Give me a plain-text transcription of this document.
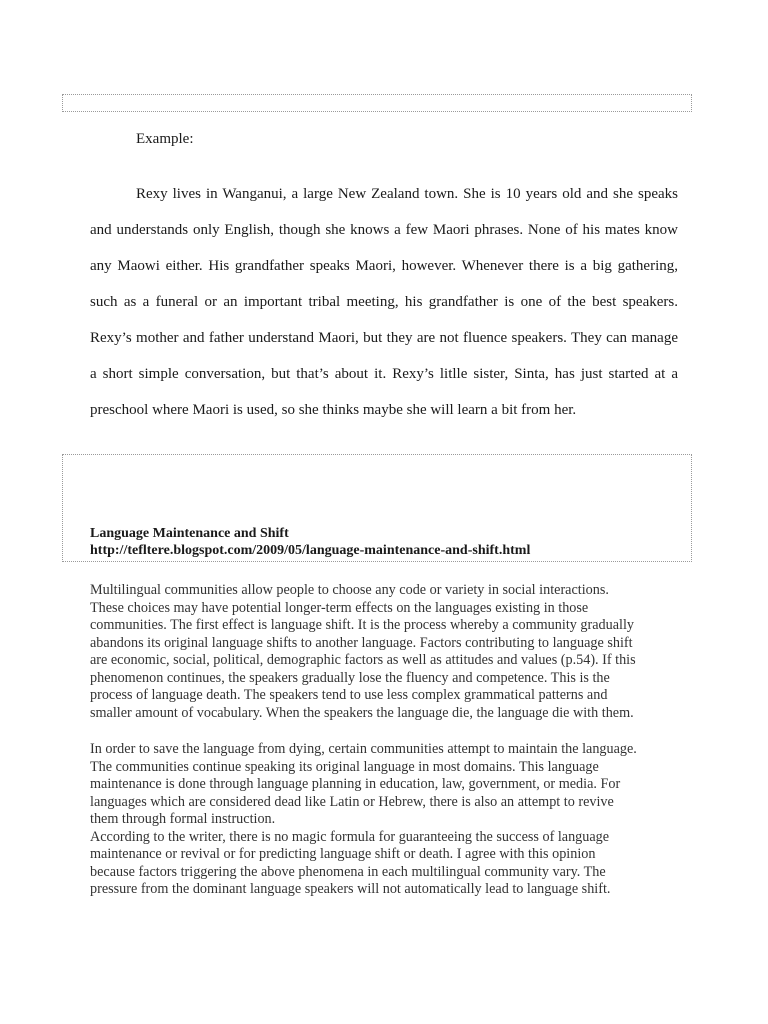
Example:
Rexy lives in Wanganui, a large New Zealand town. She is 10 years old and she speaks
and understands only English, though she knows a few Maori phrases. None of his mates know
any Maowi either. His grandfather speaks Maori, however. Whenever there is a big gathering,
such as a funeral or an important tribal meeting, his grandfather is one of the best speakers.
Rexy’s mother and father understand Maori, but they are not fluence speakers. They can manage
a short simple conversation, but that’s about it. Rexy’s litlle sister, Sinta, has just started at a
preschool where Maori is used, so she thinks maybe she will learn a bit from her.
Language Maintenance and Shift
http://tefltere.blogspot.com/2009/05/language-maintenance-and-shift.html
Multilingual communities allow people to choose any code or variety in social interactions.
These choices may have potential longer-term effects on the languages existing in those
communities. The first effect is language shift. It is the process whereby a community gradually
abandons its original language shifts to another language. Factors contributing to language shift
are economic, social, political, demographic factors as well as attitudes and values (p.54). If this
phenomenon continues, the speakers gradually lose the fluency and competence. This is the
process of language death. The speakers tend to use less complex grammatical patterns and
smaller amount of vocabulary. When the speakers the language die, the language die with them.
In order to save the language from dying, certain communities attempt to maintain the language.
The communities continue speaking its original language in most domains. This language
maintenance is done through language planning in education, law, government, or media. For
languages which are considered dead like Latin or Hebrew, there is also an attempt to revive
them through formal instruction.
According to the writer, there is no magic formula for guaranteeing the success of language
maintenance or revival or for predicting language shift or death. I agree with this opinion
because factors triggering the above phenomena in each multilingual community vary. The
pressure from the dominant language speakers will not automatically lead to language shift.
